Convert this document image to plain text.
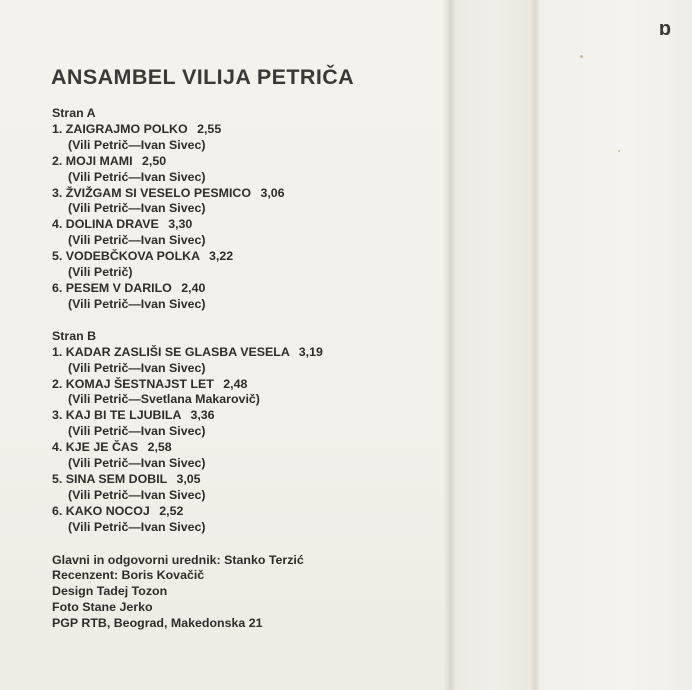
ɒ
ANSAMBEL VILIJA PETRIČA
Stran A
1. ZAIGRAJMO POLKO 2,55
(Vili Petrič—Ivan Sivec)
2. MOJI MAMI 2,50
(Vili Petrić—Ivan Sivec)
3. ŽVIŽGAM SI VESELO PESMICO 3,06
(Vili Petrič—Ivan Sivec)
4. DOLINA DRAVE 3,30
(Vili Petrič—Ivan Sivec)
5. VODEBČKOVA POLKA 3,22
(Vili Petrič)
6. PESEM V DARILO 2,40
(Vili Petrič—Ivan Sivec)
Stran B
1. KADAR ZASLIŠI SE GLASBA VESELA 3,19
(Vili Petrič—Ivan Sivec)
2. KOMAJ ŠESTNAJST LET 2,48
(Vili Petrič—Svetlana Makarovič)
3. KAJ BI TE LJUBILA 3,36
(Vili Petrič—Ivan Sivec)
4. KJE JE ČAS 2,58
(Vili Petrič—Ivan Sivec)
5. SINA SEM DOBIL 3,05
(Vili Petrič—Ivan Sivec)
6. KAKO NOCOJ 2,52
(Vili Petrič—Ivan Sivec)
Glavni in odgovorni urednik: Stanko Terzić
Recenzent: Boris Kovačič
Design Tadej Tozon
Foto Stane Jerko
PGP RTB, Beograd, Makedonska 21
